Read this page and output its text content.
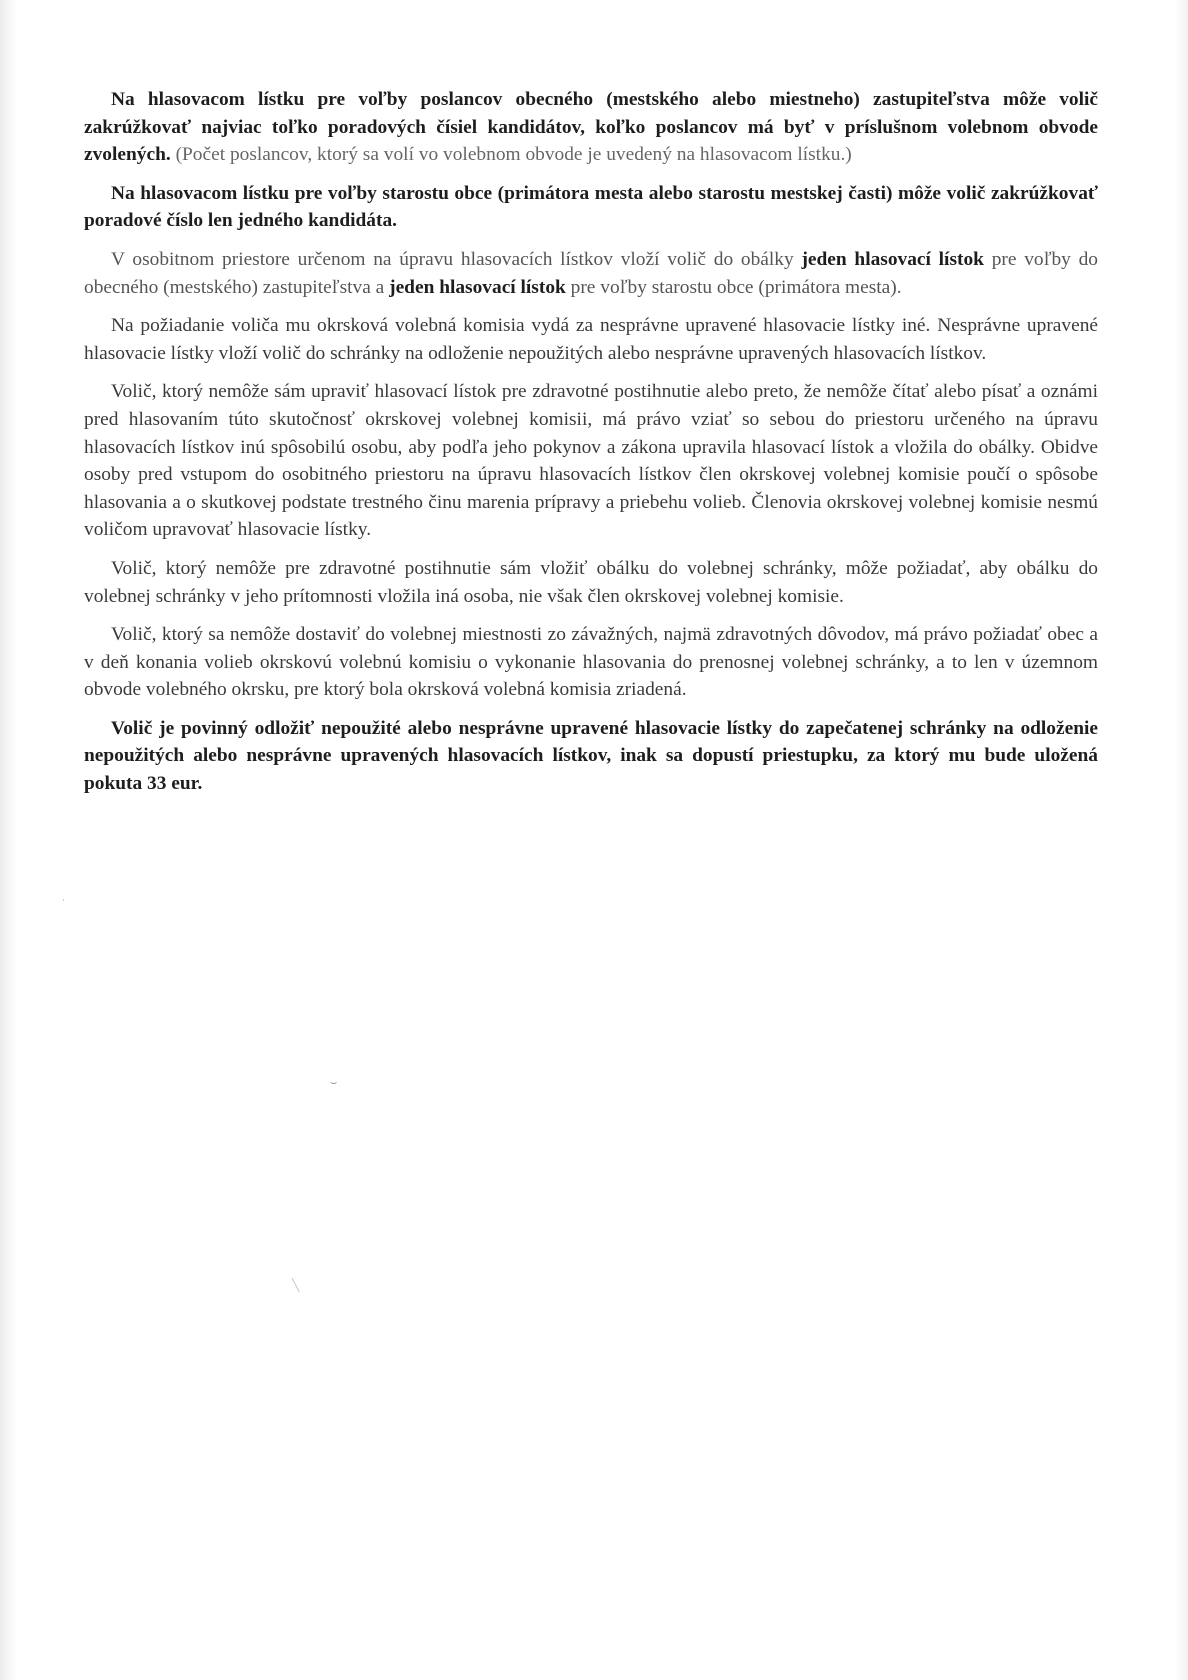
Na hlasovacom lístku pre voľby poslancov obecného (mestského alebo miestneho) zastupiteľstva môže volič zakrúžkovať najviac toľko poradových čísiel kandidátov, koľko poslancov má byť v príslušnom volebnom obvode zvolených. (Počet poslancov, ktorý sa volí vo volebnom obvode je uvedený na hlasovacom lístku.)

Na hlasovacom lístku pre voľby starostu obce (primátora mesta alebo starostu mestskej časti) môže volič zakrúžkovať poradové číslo len jedného kandidáta.

V osobitnom priestore určenom na úpravu hlasovacích lístkov vloží volič do obálky jeden hlasovací lístok pre voľby do obecného (mestského) zastupiteľstva a jeden hlasovací lístok pre voľby starostu obce (primátora mesta).

Na požiadanie voliča mu okrsková volebná komisia vydá za nesprávne upravené hlasovacie lístky iné. Nesprávne upravené hlasovacie lístky vloží volič do schránky na odloženie nepoužitých alebo nesprávne upravených hlasovacích lístkov.

Volič, ktorý nemôže sám upraviť hlasovací lístok pre zdravotné postihnutie alebo preto, že nemôže čítať alebo písať a oznámi pred hlasovaním túto skutočnosť okrskovej volebnej komisii, má právo vziať so sebou do priestoru určeného na úpravu hlasovacích lístkov inú spôsobilú osobu, aby podľa jeho pokynov a zákona upravila hlasovací lístok a vložila do obálky. Obidve osoby pred vstupom do osobitného priestoru na úpravu hlasovacích lístkov člen okrskovej volebnej komisie poučí o spôsobe hlasovania a o skutkovej podstate trestného činu marenia prípravy a priebehu volieb. Členovia okrskovej volebnej komisie nesmú voličom upravovať hlasovacie lístky.

Volič, ktorý nemôže pre zdravotné postihnutie sám vložiť obálku do volebnej schránky, môže požiadať, aby obálku do volebnej schránky v jeho prítomnosti vložila iná osoba, nie však člen okrskovej volebnej komisie.

Volič, ktorý sa nemôže dostaviť do volebnej miestnosti zo závažných, najmä zdravotných dôvodov, má právo požiadať obec a v deň konania volieb okrskovú volebnú komisiu o vykonanie hlasovania do prenosnej volebnej schránky, a to len v územnom obvode volebného okrsku, pre ktorý bola okrsková volebná komisia zriadená.

Volič je povinný odložiť nepoužité alebo nesprávne upravené hlasovacie lístky do zapečatenej schránky na odloženie nepoužitých alebo nesprávne upravených hlasovacích lístkov, inak sa dopustí priestupku, za ktorý mu bude uložená pokuta 33 eur.

·
⌣
╲
